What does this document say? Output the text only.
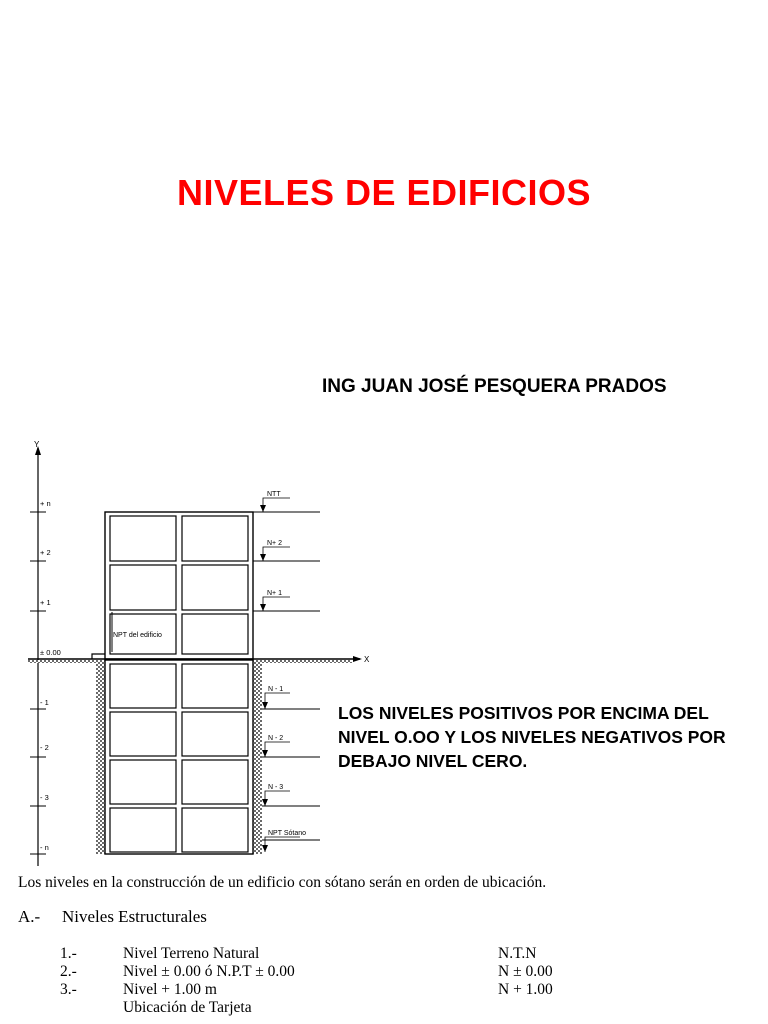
NIVELES DE EDIFICIOS
ING JUAN JOSÉ PESQUERA PRADOS
Y
X
+ n
+ 2
+ 1
± 0.00
- 1
- 2
- 3
- n
NPT del edificio
NTT
N+ 2
N+ 1
N - 1
N - 2
N - 3
NPT Sótano
LOS NIVELES POSITIVOS POR ENCIMA DEL
NIVEL O.OO Y LOS NIVELES NEGATIVOS POR
DEBAJO NIVEL CERO.
Los niveles en la construcción de un edificio con sótano serán en orden de ubicación.
A.- Niveles Estructurales
1.-	Nivel Terreno Natural	N.T.N
2.-	Nivel ± 0.00 ó N.P.T ± 0.00	N ± 0.00
3.-	Nivel + 1.00 m	N + 1.00
Ubicación de Tarjeta
